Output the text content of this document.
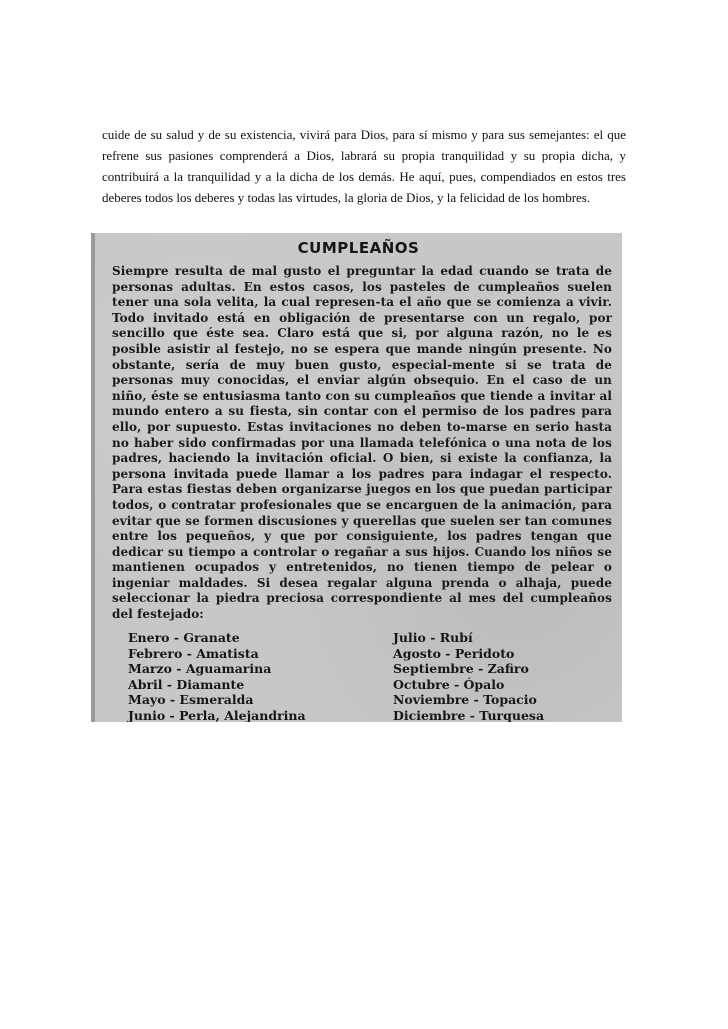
cuide de su salud y de su existencia, vivirá para Dios, para sí mismo y para sus semejantes: el que refrene sus pasiones comprenderá a Dios, labrará su propia tranquilidad y su propia dicha, y contribuirá a la tranquilidad y a la dicha de los demás. He aquí, pues, compendiados en estos tres deberes todos los deberes y todas las virtudes, la gloria de Dios, y la felicidad de los hombres.

CUMPLEAÑOS

Siempre resulta de mal gusto el preguntar la edad cuando se trata de personas adultas. En estos casos, los pasteles de cumpleaños suelen tener una sola velita, la cual represen-ta el año que se comienza a vivir. Todo invitado está en obligación de presentarse con un regalo, por sencillo que éste sea. Claro está que si, por alguna razón, no le es posible asistir al festejo, no se espera que mande ningún presente. No obstante, sería de muy buen gusto, especial-mente si se trata de personas muy conocidas, el enviar algún obsequio. En el caso de un niño, éste se entusiasma tanto con su cumpleaños que tiende a invitar al mundo entero a su fiesta, sin contar con el permiso de los padres para ello, por supuesto. Estas invitaciones no deben to-marse en serio hasta no haber sido confirmadas por una llamada telefónica o una nota de los padres, haciendo la invitación oficial. O bien, si existe la confianza, la persona invitada puede llamar a los padres para indagar el respecto. Para estas fiestas deben organizarse juegos en los que puedan participar todos, o contratar profesionales que se encarguen de la animación, para evitar que se formen discusiones y querellas que suelen ser tan comunes entre los pequeños, y que por consiguiente, los padres tengan que dedicar su tiempo a controlar o regañar a sus hijos. Cuando los niños se mantienen ocupados y entretenidos, no tienen tiempo de pelear o ingeniar maldades. Si desea regalar alguna prenda o alhaja, puede seleccionar la piedra preciosa correspondiente al mes del cumpleaños del festejado:

Enero - Granate
Febrero - Amatista
Marzo - Aguamarina
Abril - Diamante
Mayo - Esmeralda
Junio - Perla, Alejandrina
Julio - Rubí
Agosto - Peridoto
Septiembre - Zafiro
Octubre - Ópalo
Noviembre - Topacio
Diciembre - Turquesa
